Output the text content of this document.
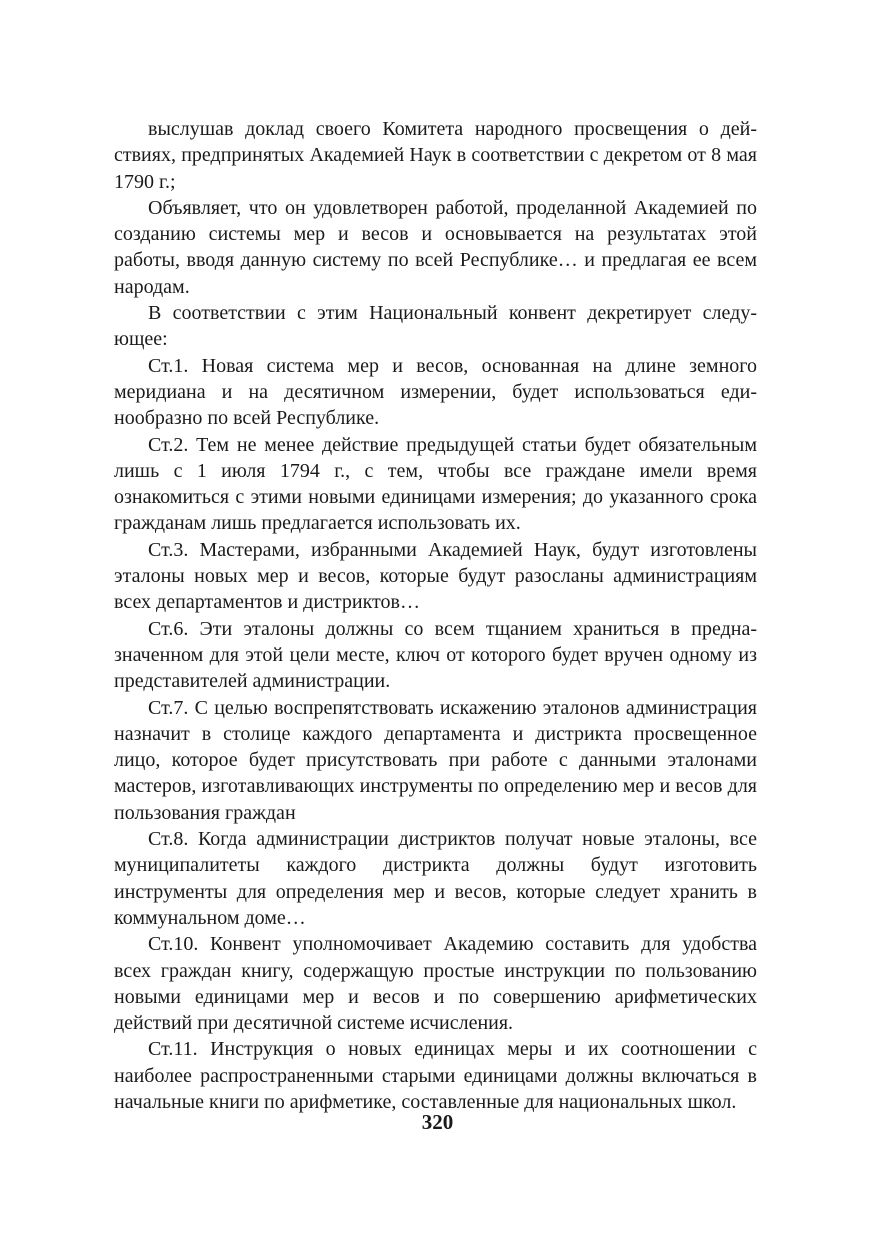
выслушав доклад своего Комитета народного просвещения о действиях, предпринятых Академией Наук в соответствии с декретом от 8 мая 1790 г.;

Объявляет, что он удовлетворен работой, проделанной Академией по созданию системы мер и весов и основывается на результатах этой работы, вводя данную систему по всей Республике… и предлагая ее всем народам.

В соответствии с этим Национальный конвент декретирует следующее:

Ст.1. Новая система мер и весов, основанная на длине земного меридиана и на десятичном измерении, будет использоваться единообразно по всей Республике.

Ст.2. Тем не менее действие предыдущей статьи будет обязательным лишь с 1 июля 1794 г., с тем, чтобы все граждане имели время ознакомиться с этими новыми единицами измерения; до указанного срока гражданам лишь предлагается использовать их.

Ст.3. Мастерами, избранными Академией Наук, будут изготовлены эталоны новых мер и весов, которые будут разосланы администрациям всех департаментов и дистриктов…

Ст.6. Эти эталоны должны со всем тщанием храниться в предназначенном для этой цели месте, ключ от которого будет вручен одному из представителей администрации.

Ст.7. С целью воспрепятствовать искажению эталонов администрация назначит в столице каждого департамента и дистрикта просвещенное лицо, которое будет присутствовать при работе с данными эталонами мастеров, изготавливающих инструменты по определению мер и весов для пользования граждан

Ст.8. Когда администрации дистриктов получат новые эталоны, все муниципалитеты каждого дистрикта должны будут изготовить инструменты для определения мер и весов, которые следует хранить в коммунальном доме…

Ст.10. Конвент уполномочивает Академию составить для удобства всех граждан книгу, содержащую простые инструкции по пользованию новыми единицами мер и весов и по совершению арифметических действий при десятичной системе исчисления.

Ст.11. Инструкция о новых единицах меры и их соотношении с наиболее распространенными старыми единицами должны включаться в начальные книги по арифметике, составленные для национальных школ.

320
